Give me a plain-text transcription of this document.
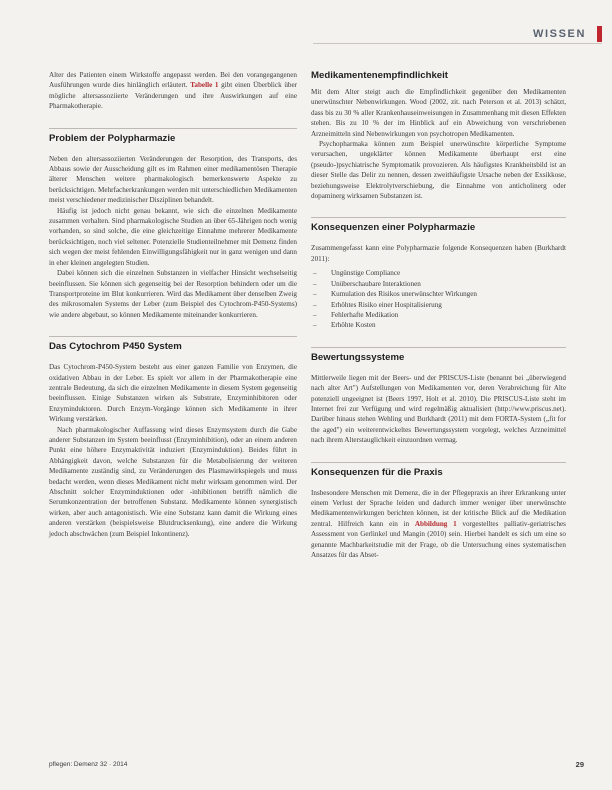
WISSEN

Alter des Patienten einem Wirkstoffe angepasst werden. Bei den vorangegangenen Ausführungen wurde dies hinlänglich erläutert. Tabelle 1 gibt einen Überblick über mögliche altersassoziierte Veränderungen und ihre Auswirkungen auf eine Pharmakotherapie.

Problem der Polypharmazie

Neben den altersassoziierten Veränderungen der Resorption, des Transports, des Abbaus sowie der Ausscheidung gilt es im Rahmen einer medikamentösen Therapie älterer Menschen weitere pharmakologisch bemerkenswerte Aspekte zu berücksichtigen. Mehrfacherkrankungen werden mit unterschiedlichen Medikamenten meist verschiedener medizinischer Disziplinen behandelt.

Häufig ist jedoch nicht genau bekannt, wie sich die einzelnen Medikamente zusammen verhalten. Sind pharmakologische Studien an über 65-Jährigen noch wenig vorhanden, so sind solche, die eine gleichzeitige Einnahme mehrerer Medikamente berücksichtigen, noch viel seltener. Potenzielle Studienteilnehmer mit Demenz finden sich wegen der meist fehlenden Einwilligungsfähigkeit nur in ganz wenigen und dann in eher kleinen angelegten Studien.

Dabei können sich die einzelnen Substanzen in vielfacher Hinsicht wechselseitig beeinflussen. Sie können sich gegenseitig bei der Resorption behindern oder um die Transportproteine im Blut konkurrieren. Wird das Medikament über denselben Zweig des mikrosomalen Systems der Leber (zum Beispiel des Cytochrom-P450-Systems) wie andere abgebaut, so können Medikamente miteinander konkurrieren.

Das Cytochrom P450 System

Das Cytochrom-P450-System besteht aus einer ganzen Familie von Enzymen, die oxidativen Abbau in der Leber. Es spielt vor allem in der Pharmakotherapie eine zentrale Bedeutung, da sich die einzelnen Medikamente in diesem System gegenseitig beeinflussen. Einige Substanzen wirken als Substrate, Enzyminhibitoren oder Enzyminduktoren. Durch Enzym-Vorgänge können sich Medikamente in ihrer Wirkung verstärken.

Nach pharmakologischer Auffassung wird dieses Enzymsystem durch die Gabe anderer Substanzen im System beeinflusst (Enzyminhibition), oder an einem anderen Punkt eine höhere Enzymaktivität induziert (Enzyminduktion). Beides führt in Abhängigkeit davon, welche Substanzen für die Metabolisierung der weiteren Medikamente zuständig sind, zu Veränderungen des Plasmawirkspiegels und muss bedacht werden, wenn dieses Medikament nicht mehr wirksam genommen wird. Der Abschnitt solcher Enzyminduktionen oder -inhibitionen betrifft nämlich die Serumkonzentration der betroffenen Substanz. Medikamente können synergistisch wirken, aber auch antagonistisch. Wie eine Substanz kann damit die Wirkung eines anderen verstärken (beispielsweise Blutdrucksenkung), eine andere die Wirkung jedoch abschwächen (zum Beispiel Inkontinenz).

Medikamentenempfindlichkeit

Mit dem Alter steigt auch die Empfindlichkeit gegenüber den Medikamenten unerwünschter Nebenwirkungen. Wood (2002, zit. nach Peterson et al. 2013) schätzt, dass bis zu 30 % aller Krankenhauseinweisungen in Zusammenhang mit diesen Effekten stehen. Bis zu 10 % der im Hinblick auf ein Abweichung von verschriebenen Arzneimitteln sind Nebenwirkungen von psychotropen Medikamenten.

Psychopharmaka können zum Beispiel unerwünschte körperliche Symptome verursachen, ungeklärter können Medikamente überhaupt erst eine (pseudo-)psychiatrische Symptomatik provozieren. Als häufigstes Krankheitsbild ist an dieser Stelle das Delir zu nennen, dessen zweithäufigste Ursache neben der Exsikkose, beziehungsweise Elektrolytverschiebung, die Einnahme von anticholinerg oder dopaminerg wirksamen Substanzen ist.

Konsequenzen einer Polypharmazie

Zusammengefasst kann eine Polypharmazie folgende Konsequenzen haben (Burkhardt 2011):

– Ungünstige Compliance
– Unüberschaubare Interaktionen
– Kumulation des Risikos unerwünschter Wirkungen
– Erhöhtes Risiko einer Hospitalisierung
– Fehlerhafte Medikation
– Erhöhte Kosten
Bewertungssysteme

Mittlerweile liegen mit der Beers- und der PRISCUS-Liste (benannt bei „überwiegend nach alter Art") Aufstellungen von Medikamenten vor, deren Verabreichung für Alte potenziell ungeeignet ist (Beers 1997, Holt et al. 2010). Die PRISCUS-Liste steht im Internet frei zur Verfügung und wird regelmäßig aktualisiert (http://www.priscus.net). Darüber hinaus stehen Wehling und Burkhardt (2011) mit dem FORTA-System („fit for the aged") ein weiterentwickeltes Bewertungssystem vorgelegt, welches Arzneimittel nach ihrem Alterstauglichkeit einzuordnen vermag.

Konsequenzen für die Praxis

Insbesondere Menschen mit Demenz, die in der Pflegepraxis an ihrer Erkrankung unter einem Verlust der Sprache leiden und dadurch immer weniger über unerwünschte Medikamentenwirkungen berichten können, ist der kritische Blick auf die Medikation zentral. Hilfreich kann ein in Abbildung 1 vorgestelltes palliativ-geriatrisches Assessment von Gerlinkel und Mangin (2010) sein. Hierbei handelt es sich um eine so genannte Machbarkeitstudie mit der Frage, ob die Untersuchung eines systematischen Ansatzes für das Abset-

pflegen: Demenz 32 · 2014	29
